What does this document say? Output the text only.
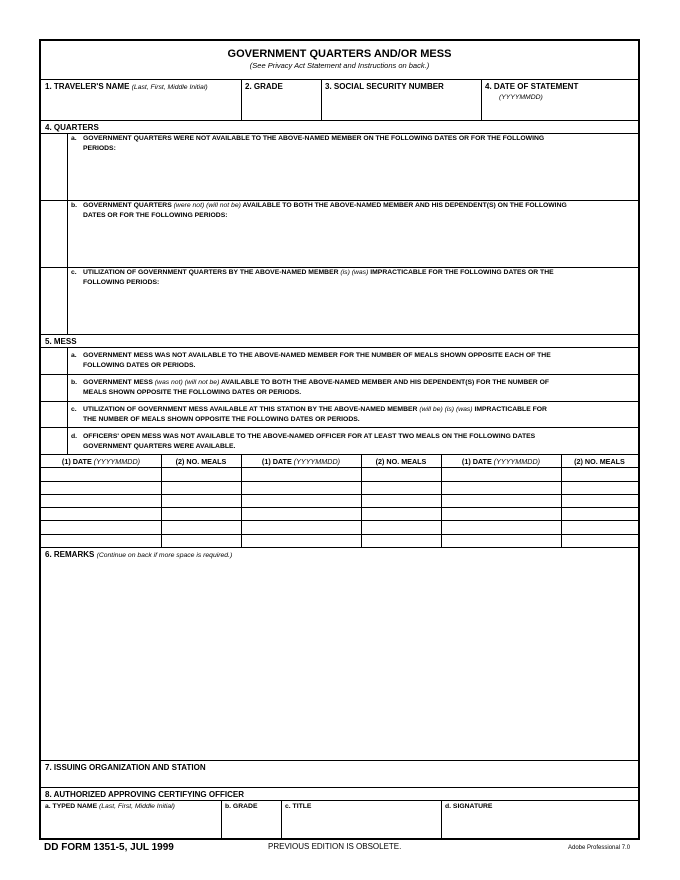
GOVERNMENT QUARTERS AND/OR MESS
(See Privacy Act Statement and Instructions on back.)
1. TRAVELER'S NAME (Last, First, Middle Initial)	2. GRADE	3. SOCIAL SECURITY NUMBER	4. DATE OF STATEMENT
(YYYYMMDD)
4. QUARTERS
a. GOVERNMENT QUARTERS WERE NOT AVAILABLE TO THE ABOVE-NAMED MEMBER ON THE FOLLOWING DATES OR FOR THE FOLLOWING
PERIODS:
b. GOVERNMENT QUARTERS (were not) (will not be) AVAILABLE TO BOTH THE ABOVE-NAMED MEMBER AND HIS DEPENDENT(S) ON THE FOLLOWING
DATES OR FOR THE FOLLOWING PERIODS:
c. UTILIZATION OF GOVERNMENT QUARTERS BY THE ABOVE-NAMED MEMBER (is) (was) IMPRACTICABLE FOR THE FOLLOWING DATES OR THE
FOLLOWING PERIODS:
5. MESS
a. GOVERNMENT MESS WAS NOT AVAILABLE TO THE ABOVE-NAMED MEMBER FOR THE NUMBER OF MEALS SHOWN OPPOSITE EACH OF THE
FOLLOWING DATES OR PERIODS.
b. GOVERNMENT MESS (was not) (will not be) AVAILABLE TO BOTH THE ABOVE-NAMED MEMBER AND HIS DEPENDENT(S) FOR THE NUMBER OF
MEALS SHOWN OPPOSITE THE FOLLOWING DATES OR PERIODS.
c. UTILIZATION OF GOVERNMENT MESS AVAILABLE AT THIS STATION BY THE ABOVE-NAMED MEMBER (will be) (is) (was) IMPRACTICABLE FOR
THE NUMBER OF MEALS SHOWN OPPOSITE THE FOLLOWING DATES OR PERIODS.
d. OFFICERS' OPEN MESS WAS NOT AVAILABLE TO THE ABOVE-NAMED OFFICER FOR AT LEAST TWO MEALS ON THE FOLLOWING DATES
GOVERNMENT QUARTERS WERE AVAILABLE.
(1) DATE (YYYYMMDD)	(2) NO. MEALS	(1) DATE (YYYYMMDD)	(2) NO. MEALS	(1) DATE (YYYYMMDD)	(2) NO. MEALS
6. REMARKS (Continue on back if more space is required.)
7. ISSUING ORGANIZATION AND STATION
8. AUTHORIZED APPROVING CERTIFYING OFFICER
a. TYPED NAME (Last, First, Middle Initial)	b. GRADE	c. TITLE	d. SIGNATURE
DD FORM 1351-5, JUL 1999	PREVIOUS EDITION IS OBSOLETE.	Adobe Professional 7.0
